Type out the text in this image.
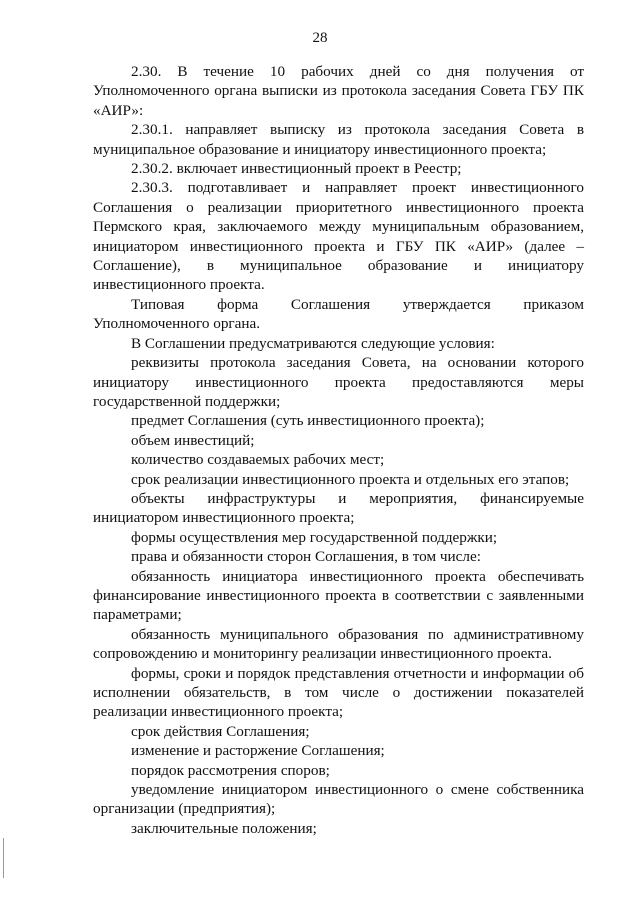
28

2.30. В течение 10 рабочих дней со дня получения от Уполномоченного органа выписки из протокола заседания Совета ГБУ ПК «АИР»:

2.30.1. направляет выписку из протокола заседания Совета в муниципальное образование и инициатору инвестиционного проекта;

2.30.2. включает инвестиционный проект в Реестр;

2.30.3. подготавливает и направляет проект инвестиционного Соглашения о реализации приоритетного инвестиционного проекта Пермского края, заключаемого между муниципальным образованием, инициатором инвестиционного проекта и ГБУ ПК «АИР» (далее – Соглашение), в муниципальное образование и инициатору инвестиционного проекта.

Типовая форма Соглашения утверждается приказом Уполномоченного органа.

В Соглашении предусматриваются следующие условия:

реквизиты протокола заседания Совета, на основании которого инициатору инвестиционного проекта предоставляются меры государственной поддержки;

предмет Соглашения (суть инвестиционного проекта);

объем инвестиций;

количество создаваемых рабочих мест;

срок реализации инвестиционного проекта и отдельных его этапов;

объекты инфраструктуры и мероприятия, финансируемые инициатором инвестиционного проекта;

формы осуществления мер государственной поддержки;

права и обязанности сторон Соглашения, в том числе:

обязанность инициатора инвестиционного проекта обеспечивать финансирование инвестиционного проекта в соответствии с заявленными параметрами;

обязанность муниципального образования по административному сопровождению и мониторингу реализации инвестиционного проекта.

формы, сроки и порядок представления отчетности и информации об исполнении обязательств, в том числе о достижении показателей реализации инвестиционного проекта;

срок действия Соглашения;

изменение и расторжение Соглашения;

порядок рассмотрения споров;

уведомление инициатором инвестиционного о смене собственника организации (предприятия);

заключительные положения;
